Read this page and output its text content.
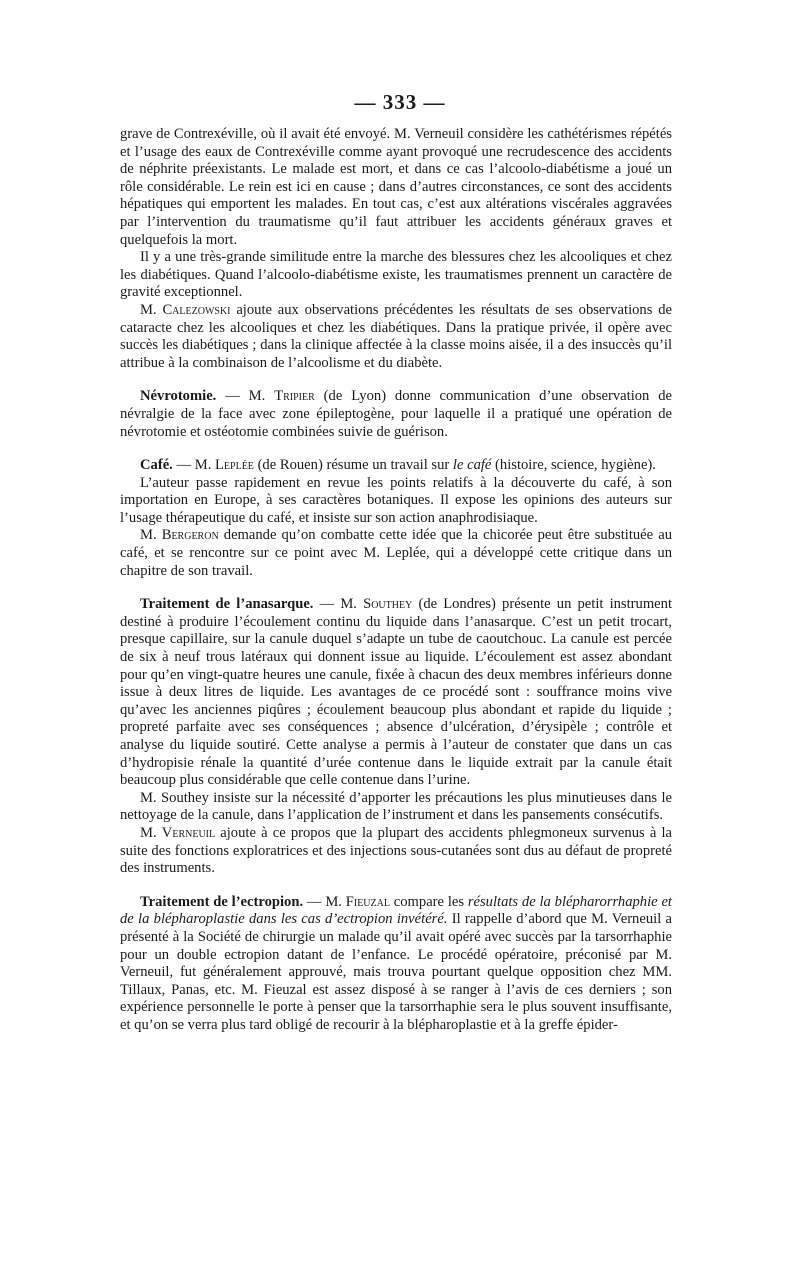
— 333 —

grave de Contrexéville, où il avait été envoyé. M. Verneuil considère les cathétérismes répétés et l’usage des eaux de Contrexéville comme ayant provoqué une recrudescence des accidents de néphrite préexistants. Le malade est mort, et dans ce cas l’alcoolo-diabétisme a joué un rôle considérable. Le rein est ici en cause ; dans d’autres circonstances, ce sont des accidents hépatiques qui emportent les malades. En tout cas, c’est aux altérations viscérales aggravées par l’intervention du traumatisme qu’il faut attribuer les accidents généraux graves et quelquefois la mort.

Il y a une très-grande similitude entre la marche des blessures chez les alcooliques et chez les diabétiques. Quand l’alcoolo-diabétisme existe, les traumatismes prennent un caractère de gravité exceptionnel.

M. Calezowski ajoute aux observations précédentes les résultats de ses observations de cataracte chez les alcooliques et chez les diabétiques. Dans la pratique privée, il opère avec succès les diabétiques ; dans la clinique affectée à la classe moins aisée, il a des insuccès qu’il attribue à la combinaison de l’alcoolisme et du diabète.

Névrotomie. — M. Tripier (de Lyon) donne communication d’une observation de névralgie de la face avec zone épileptogène, pour laquelle il a pratiqué une opération de névrotomie et ostéotomie combinées suivie de guérison.

Café. — M. Leplée (de Rouen) résume un travail sur le café (histoire, science, hygiène).

L’auteur passe rapidement en revue les points relatifs à la découverte du café, à son importation en Europe, à ses caractères botaniques. Il expose les opinions des auteurs sur l’usage thérapeutique du café, et insiste sur son action anaphrodisiaque.

M. Bergeron demande qu’on combatte cette idée que la chicorée peut être substituée au café, et se rencontre sur ce point avec M. Leplée, qui a développé cette critique dans un chapitre de son travail.

Traitement de l’anasarque. — M. Southey (de Londres) présente un petit instrument destiné à produire l’écoulement continu du liquide dans l’anasarque. C’est un petit trocart, presque capillaire, sur la canule duquel s’adapte un tube de caoutchouc. La canule est percée de six à neuf trous latéraux qui donnent issue au liquide. L’écoulement est assez abondant pour qu’en vingt-quatre heures une canule, fixée à chacun des deux membres inférieurs donne issue à deux litres de liquide. Les avantages de ce procédé sont : souffrance moins vive qu’avec les anciennes piqûres ; écoulement beaucoup plus abondant et rapide du liquide ; propreté parfaite avec ses conséquences ; absence d’ulcération, d’érysipèle ; contrôle et analyse du liquide soutiré. Cette analyse a permis à l’auteur de constater que dans un cas d’hydropisie rénale la quantité d’urée contenue dans le liquide extrait par la canule était beaucoup plus considérable que celle contenue dans l’urine.

M. Southey insiste sur la nécessité d’apporter les précautions les plus minutieuses dans le nettoyage de la canule, dans l’application de l’instrument et dans les pansements consécutifs.

M. Verneuil ajoute à ce propos que la plupart des accidents phlegmoneux survenus à la suite des fonctions exploratrices et des injections sous-cutanées sont dus au défaut de propreté des instruments.

Traitement de l’ectropion. — M. Fieuzal compare les résultats de la blépharorrhaphie et de la blépharoplastie dans les cas d’ectropion invétéré. Il rappelle d’abord que M. Verneuil a présenté à la Société de chirurgie un malade qu’il avait opéré avec succès par la tarsorrhaphie pour un double ectropion datant de l’enfance. Le procédé opératoire, préconisé par M. Verneuil, fut généralement approuvé, mais trouva pourtant quelque opposition chez MM. Tillaux, Panas, etc. M. Fieuzal est assez disposé à se ranger à l’avis de ces derniers ; son expérience personnelle le porte à penser que la tarsorrhaphie sera le plus souvent insuffisante, et qu’on se verra plus tard obligé de recourir à la blépharoplastie et à la greffe épider-
